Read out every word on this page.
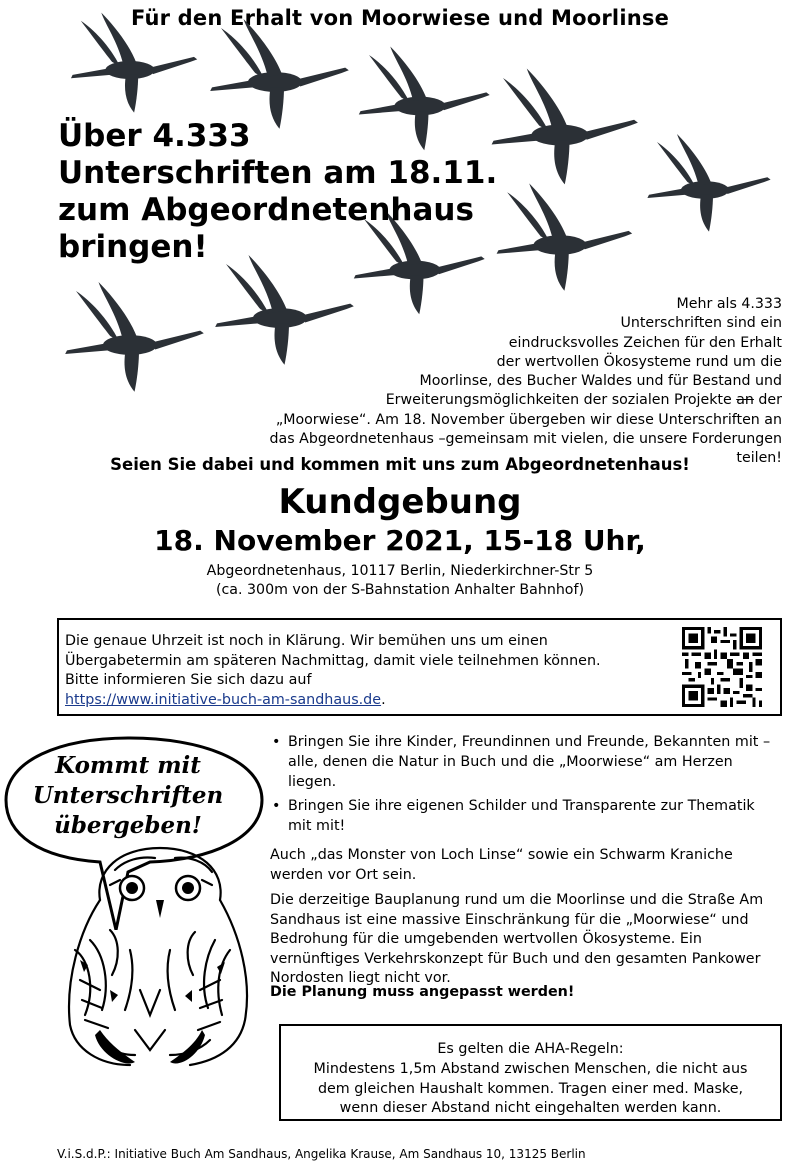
Für den Erhalt von Moorwiese und Moorlinse
Über 4.333
Unterschriften am 18.11.
zum Abgeordnetenhaus
bringen!
Mehr als 4.333
Unterschriften sind ein
eindrucksvolles Zeichen für den Erhalt
der wertvollen Ökosysteme rund um die
Moorlinse, des Bucher Waldes und für Bestand und
Erweiterungsmöglichkeiten der sozialen Projekte an der
„Moorwiese“. Am 18. November übergeben wir diese Unterschriften an
das Abgeordnetenhaus –gemeinsam mit vielen, die unsere Forderungen teilen!
Seien Sie dabei und kommen mit uns zum Abgeordnetenhaus!
Kundgebung
18. November 2021, 15-18 Uhr,
Abgeordnetenhaus, 10117 Berlin, Niederkirchner-Str 5
(ca. 300m von der S-Bahnstation Anhalter Bahnhof)
Die genaue Uhrzeit ist noch in Klärung. Wir bemühen uns um einen
Übergabetermin am späteren Nachmittag, damit viele teilnehmen können.
Bitte informieren Sie sich dazu auf
https://www.initiative-buch-am-sandhaus.de.
Kommt mit
Unterschriften
übergeben!
• Bringen Sie ihre Kinder, Freundinnen und Freunde, Bekannten mit – alle, denen die Natur in Buch und die „Moorwiese“ am Herzen liegen.
• Bringen Sie ihre eigenen Schilder und Transparente zur Thematik mit mit!
Auch „das Monster von Loch Linse“ sowie ein Schwarm Kraniche werden vor Ort sein.
Die derzeitige Bauplanung rund um die Moorlinse und die Straße Am Sandhaus ist eine massive Einschränkung für die „Moorwiese“ und Bedrohung für die umgebenden wertvollen Ökosysteme. Ein vernünftiges Verkehrskonzept für Buch und den gesamten Pankower Nordosten liegt nicht vor.
Die Planung muss angepasst werden!
Es gelten die AHA-Regeln:
Mindestens 1,5m Abstand zwischen Menschen, die nicht aus
dem gleichen Haushalt kommen. Tragen einer med. Maske,
wenn dieser Abstand nicht eingehalten werden kann.
V.i.S.d.P.: Initiative Buch Am Sandhaus, Angelika Krause, Am Sandhaus 10, 13125 Berlin
